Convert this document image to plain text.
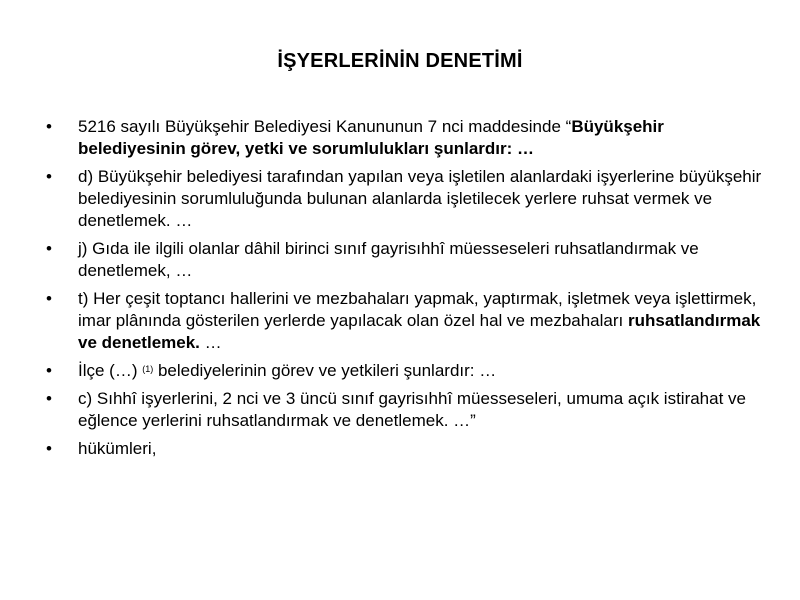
İŞYERLERİNİN DENETİMİ
• 5216 sayılı Büyükşehir Belediyesi Kanununun 7 nci maddesinde “Büyükşehir belediyesinin görev, yetki ve sorumlulukları şunlardır: …
• d) Büyükşehir belediyesi tarafından yapılan veya işletilen alanlardaki işyerlerine büyükşehir belediyesinin sorumluluğunda bulunan alanlarda işletilecek yerlere ruhsat vermek ve denetlemek. …
• j) Gıda ile ilgili olanlar dâhil birinci sınıf gayrisıhhî müesseseleri ruhsatlandırmak ve denetlemek, …
• t) Her çeşit toptancı hallerini ve mezbahaları yapmak, yaptırmak, işletmek veya işlettirmek, imar plânında gösterilen yerlerde yapılacak olan özel hal ve mezbahaları ruhsatlandırmak ve denetlemek. …
• İlçe (…) $^{(1)}$ belediyelerinin görev ve yetkileri şunlardır: …
• c) Sıhhî işyerlerini, 2 nci ve 3 üncü sınıf gayrisıhhî müesseseleri, umuma açık istirahat ve eğlence yerlerini ruhsatlandırmak ve denetlemek. …”
• hükümleri,
